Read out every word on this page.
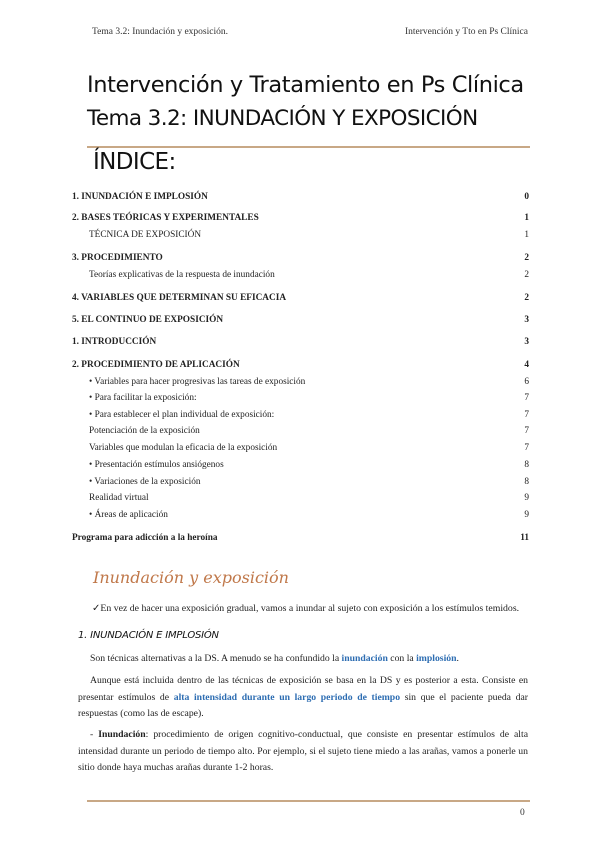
Tema 3.2: Inundación y exposición.	Intervención y Tto en Ps Clínica
Intervención y Tratamiento en Ps Clínica
Tema 3.2: INUNDACIÓN Y EXPOSICIÓN
ÍNDICE:
1. INUNDACIÓN E IMPLOSIÓN	0
2. BASES TEÓRICAS Y EXPERIMENTALES	1
TÉCNICA DE EXPOSICIÓN	1
3. PROCEDIMIENTO	2
Teorías explicativas de la respuesta de inundación	2
4. VARIABLES QUE DETERMINAN SU EFICACIA	2
5. EL CONTINUO DE EXPOSICIÓN	3
1. INTRODUCCIÓN	3
2. PROCEDIMIENTO DE APLICACIÓN	4
• Variables para hacer progresivas las tareas de exposición	6
• Para facilitar la exposición:	7
• Para establecer el plan individual de exposición:	7
Potenciación de la exposición	7
Variables que modulan la eficacia de la exposición	7
• Presentación estímulos ansiógenos	8
• Variaciones de la exposición	8
Realidad virtual	9
• Áreas de aplicación	9
Programa para adicción a la heroína	11
Inundación y exposición
✓En vez de hacer una exposición gradual, vamos a inundar al sujeto con exposición a los estímulos temidos.
1. INUNDACIÓN E IMPLOSIÓN
Son técnicas alternativas a la DS. A menudo se ha confundido la inundación con la implosión.
Aunque está incluida dentro de las técnicas de exposición se basa en la DS y es posterior a esta. Consiste en presentar estímulos de alta intensidad durante un largo periodo de tiempo sin que el paciente pueda dar respuestas (como las de escape).
- Inundación: procedimiento de origen cognitivo-conductual, que consiste en presentar estímulos de alta intensidad durante un periodo de tiempo alto. Por ejemplo, si el sujeto tiene miedo a las arañas, vamos a ponerle un sitio donde haya muchas arañas durante 1-2 horas.
0
